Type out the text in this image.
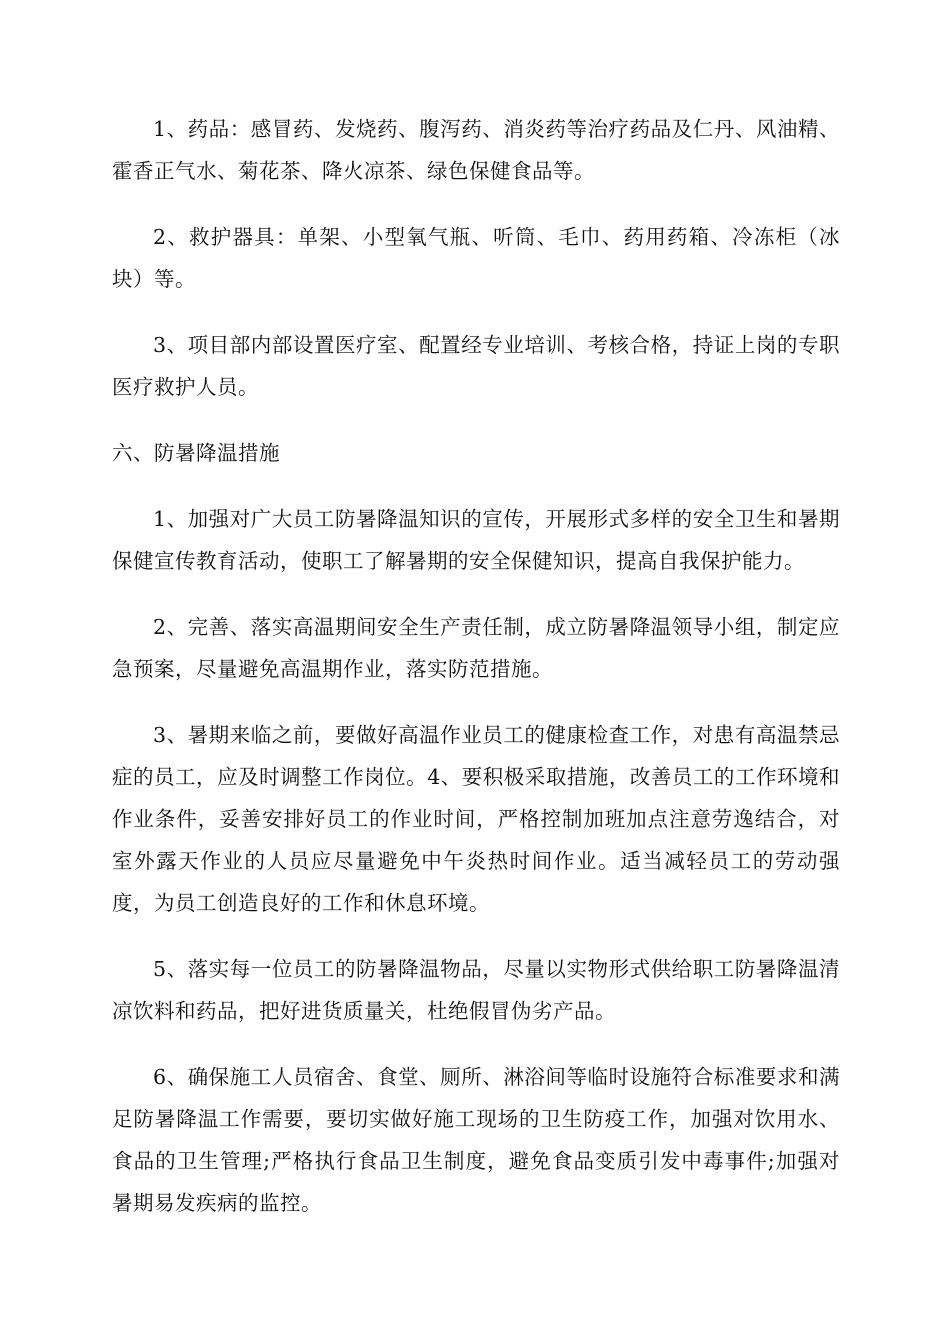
1、药品：感冒药、发烧药、腹泻药、消炎药等治疗药品及仁丹、风油精、霍香正气水、菊花茶、降火凉茶、绿色保健食品等。

2、救护器具：单架、小型氧气瓶、听筒、毛巾、药用药箱、冷冻柜（冰块）等。

3、项目部内部设置医疗室、配置经专业培训、考核合格，持证上岗的专职医疗救护人员。

六、防暑降温措施

1、加强对广大员工防暑降温知识的宣传，开展形式多样的安全卫生和暑期保健宣传教育活动，使职工了解暑期的安全保健知识，提高自我保护能力。

2、完善、落实高温期间安全生产责任制，成立防暑降温领导小组，制定应急预案，尽量避免高温期作业，落实防范措施。

3、暑期来临之前，要做好高温作业员工的健康检查工作，对患有高温禁忌症的员工，应及时调整工作岗位。4、要积极采取措施，改善员工的工作环境和作业条件，妥善安排好员工的作业时间，严格控制加班加点注意劳逸结合，对室外露天作业的人员应尽量避免中午炎热时间作业。适当减轻员工的劳动强度，为员工创造良好的工作和休息环境。

5、落实每一位员工的防暑降温物品，尽量以实物形式供给职工防暑降温清凉饮料和药品，把好进货质量关，杜绝假冒伪劣产品。

6、确保施工人员宿舍、食堂、厕所、淋浴间等临时设施符合标准要求和满足防暑降温工作需要，要切实做好施工现场的卫生防疫工作，加强对饮用水、食品的卫生管理;严格执行食品卫生制度，避免食品变质引发中毒事件;加强对暑期易发疾病的监控。
